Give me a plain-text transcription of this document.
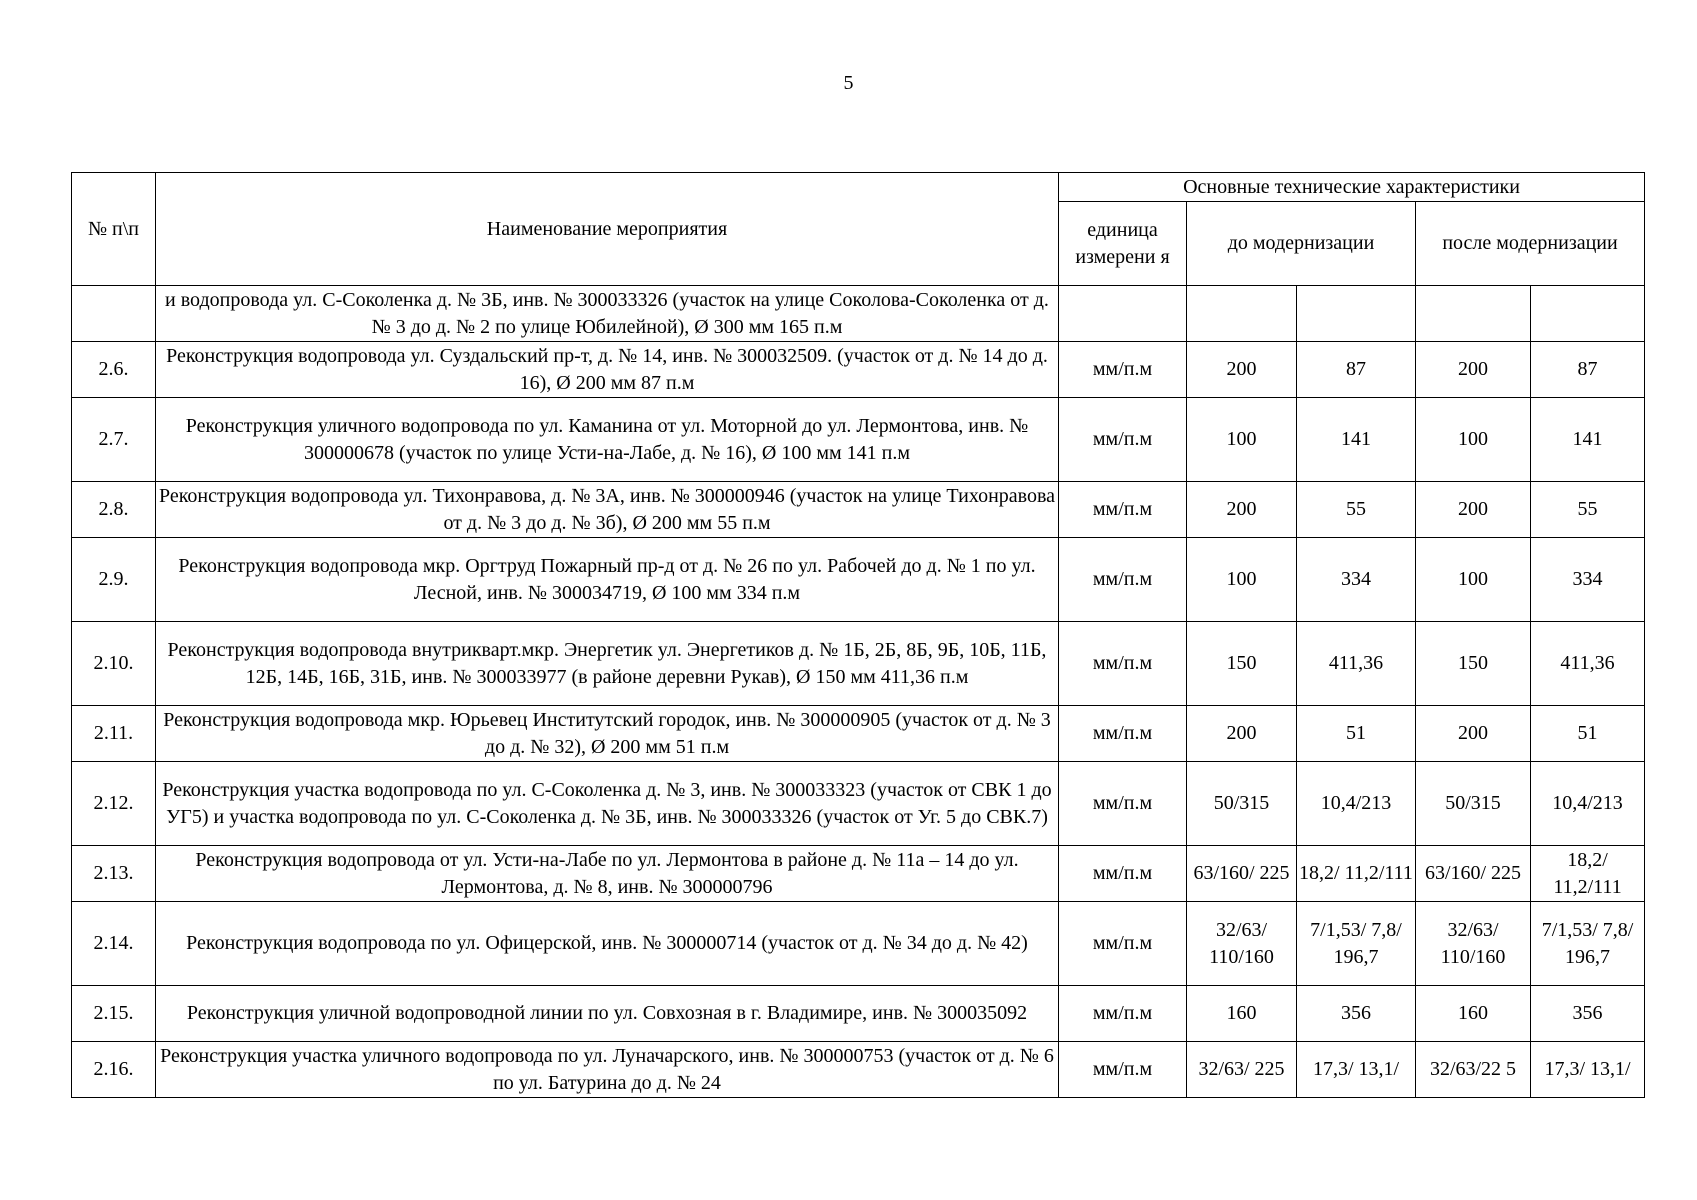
5
№ п\п	Наименование мероприятия	Основные технические характеристики				
		единица измерени я	до модернизации		после модернизации	
	и водопровода ул. С-Соколенка д. № 3Б, инв. № 300033326 (участок на улице Соколова-Соколенка от д. № 3 до д. № 2 по улице Юбилейной), Ø 300 мм 165 п.м					
2.6.	Реконструкция водопровода ул. Суздальский пр-т, д. № 14, инв. № 300032509. (участок от д. № 14 до д. 16), Ø 200 мм 87 п.м	мм/п.м	200	87	200	87
2.7.	Реконструкция уличного водопровода по ул. Каманина от ул. Моторной до ул. Лермонтова, инв. № 300000678 (участок по улице Усти-на-Лабе, д. № 16), Ø 100 мм 141 п.м	мм/п.м	100	141	100	141
2.8.	Реконструкция водопровода ул. Тихонравова, д. № 3А, инв. № 300000946 (участок на улице Тихонравова от д. № 3 до д. № 3б), Ø 200 мм 55 п.м	мм/п.м	200	55	200	55
2.9.	Реконструкция водопровода мкр. Оргтруд Пожарный пр-д от д. № 26 по ул. Рабочей до д. № 1 по ул. Лесной, инв. № 300034719, Ø 100 мм 334 п.м	мм/п.м	100	334	100	334
2.10.	Реконструкция водопровода внутрикварт.мкр. Энергетик ул. Энергетиков д. № 1Б, 2Б, 8Б, 9Б, 10Б, 11Б, 12Б, 14Б, 16Б, 31Б, инв. № 300033977 (в районе деревни Рукав), Ø 150 мм 411,36 п.м	мм/п.м	150	411,36	150	411,36
2.11.	Реконструкция водопровода мкр. Юрьевец Институтский городок, инв. № 300000905 (участок от д. № 3 до д. № 32), Ø 200 мм 51 п.м	мм/п.м	200	51	200	51
2.12.	Реконструкция участка водопровода по ул. С-Соколенка д. № 3, инв. № 300033323 (участок от СВК 1 до УГ5) и участка водопровода по ул. С-Соколенка д. № 3Б, инв. № 300033326 (участок от Уг. 5 до СВК.7)	мм/п.м	50/315	10,4/213	50/315	10,4/213
2.13.	Реконструкция водопровода от ул. Усти-на-Лабе по ул. Лермонтова в районе д. № 11а – 14 до ул. Лермонтова, д. № 8, инв. № 300000796	мм/п.м	63/160/ 225	18,2/ 11,2/111	63/160/ 225	18,2/ 11,2/111
2.14.	Реконструкция водопровода по ул. Офицерской, инв. № 300000714 (участок от д. № 34 до д. № 42)	мм/п.м	32/63/ 110/160	7/1,53/ 7,8/ 196,7	32/63/ 110/160	7/1,53/ 7,8/ 196,7
2.15.	Реконструкция уличной водопроводной линии по ул. Совхозная в г. Владимире, инв. № 300035092	мм/п.м	160	356	160	356
2.16.	Реконструкция участка уличного водопровода по ул. Луначарского, инв. № 300000753 (участок от д. № 6 по ул. Батурина до д. № 24	мм/п.м	32/63/ 225	17,3/ 13,1/	32/63/22 5	17,3/ 13,1/
